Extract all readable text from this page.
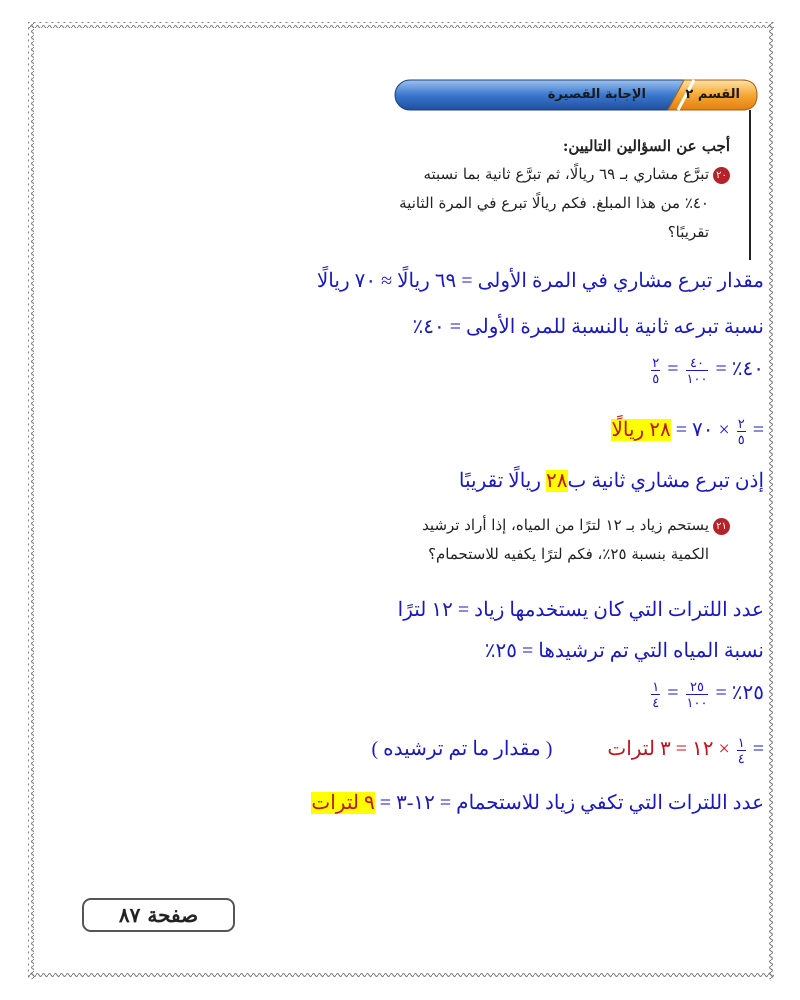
القسم ٢
الإجابة القصيرة
أجب عن السؤالين التاليين:
٢٠تبرَّع مشاري بـ ٦٩ ريالًا، ثم تبرَّع ثانية بما نسبته
٤٠٪ من هذا المبلغ. فكم ريالًا تبرع في المرة الثانية
تقريبًا؟
مقدار تبرع مشاري في المرة الأولى = ٦٩ ريالًا ≈ ٧٠ ريالًا
نسبة تبرعه ثانية بالنسبة للمرة الأولى = ٤٠٪
٤٠٪ =
$\frac{٤٠}{١٠٠}$
=
$\frac{٢}{٥}$
=
$\frac{٢}{٥}$
× ٧٠ = ٢٨ ريالًا
إذن تبرع مشاري ثانية ب٢٨ ريالًا تقريبًا
٢١يستحم زياد بـ ١٢ لترًا من المياه، إذا أراد ترشيد
الكمية بنسبة ٢٥٪، فكم لترًا يكفيه للاستحمام؟
عدد اللترات التي كان يستخدمها زياد = ١٢ لترًا
نسبة المياه التي تم ترشيدها = ٢٥٪
٢٥٪ =
$\frac{٢٥}{١٠٠}$
=
$\frac{١}{٤}$
=
$\frac{١}{٤}$
× ١٢ = ٣ لترات ( مقدار ما تم ترشيده )
عدد اللترات التي تكفي زياد للاستحمام = ١٢-٣ = ٩ لترات
صفحة ٨٧
